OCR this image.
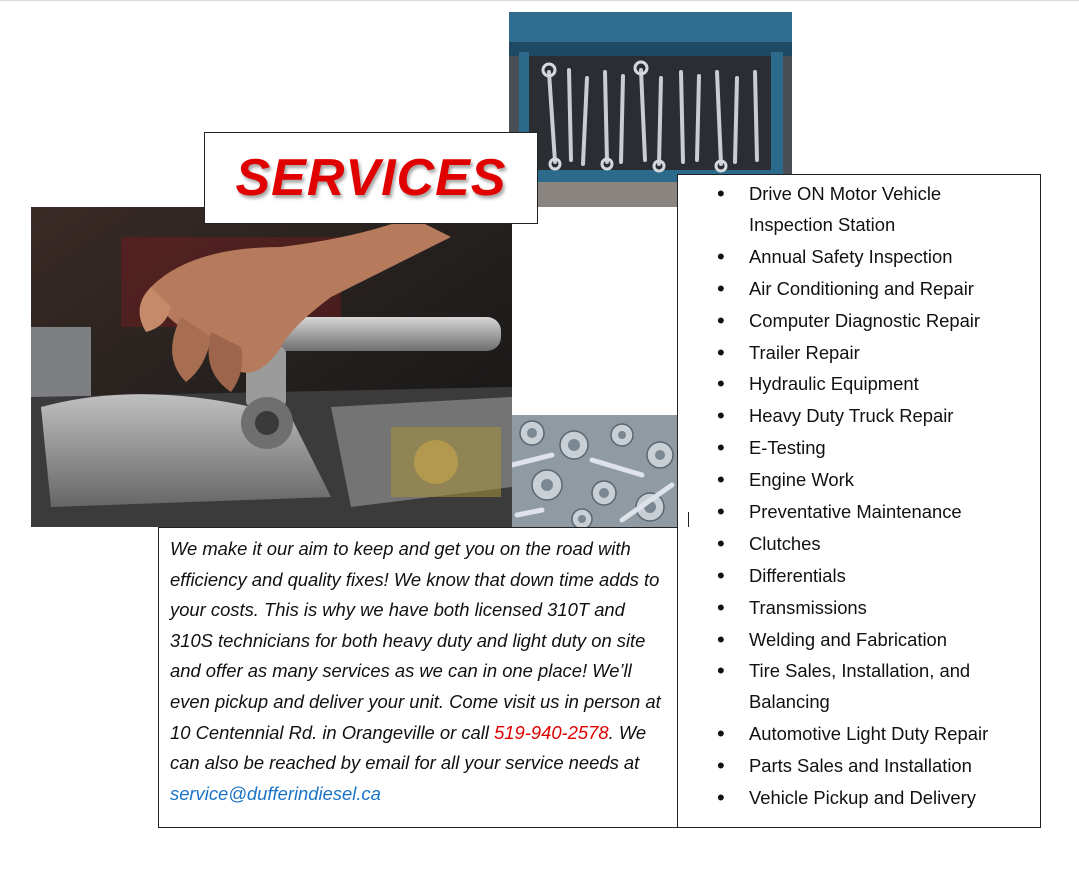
SERVICES

We make it our aim to keep and get you on the road with efficiency and quality fixes! We know that down time adds to your costs. This is why we have both licensed 310T and 310S technicians for both heavy duty and light duty on site and offer as many services as we can in one place! We’ll even pickup and deliver your unit. Come visit us in person at 10 Centennial Rd. in Orangeville or call 519-940-2578. We can also be reached by email for all your service needs at service@dufferindiesel.ca

• Drive ON Motor Vehicle Inspection Station
• Annual Safety Inspection
• Air Conditioning and Repair
• Computer Diagnostic Repair
• Trailer Repair
• Hydraulic Equipment
• Heavy Duty Truck Repair
• E-Testing
• Engine Work
• Preventative Maintenance
• Clutches
• Differentials
• Transmissions
• Welding and Fabrication
• Tire Sales, Installation, and Balancing
• Automotive Light Duty Repair
• Parts Sales and Installation
• Vehicle Pickup and Delivery
